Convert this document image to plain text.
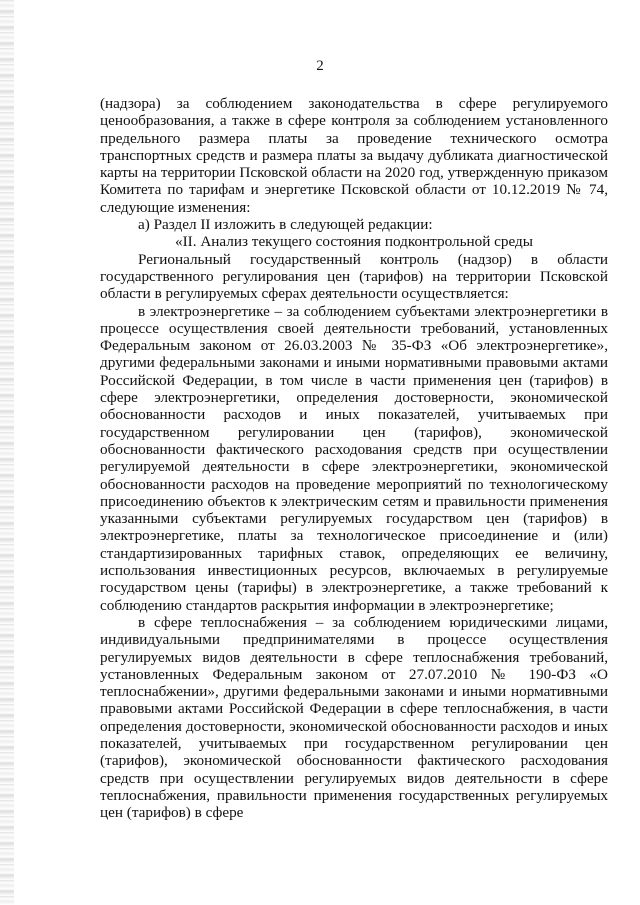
2

(надзора) за соблюдением законодательства в сфере регулируемого ценообразования, а также в сфере контроля за соблюдением установленного предельного размера платы за проведение технического осмотра транспортных средств и размера платы за выдачу дубликата диагностической карты на территории Псковской области на 2020 год, утвержденную приказом Комитета по тарифам и энергетике Псковской области от 10.12.2019 № 74, следующие изменения:

а) Раздел II изложить в следующей редакции:

«II. Анализ текущего состояния подконтрольной среды

Региональный государственный контроль (надзор) в области государственного регулирования цен (тарифов) на территории Псковской области в регулируемых сферах деятельности осуществляется:

в электроэнергетике – за соблюдением субъектами электроэнергетики в процессе осуществления своей деятельности требований, установленных Федеральным законом от 26.03.2003 № 35-ФЗ «Об электроэнергетике», другими федеральными законами и иными нормативными правовыми актами Российской Федерации, в том числе в части применения цен (тарифов) в сфере электроэнергетики, определения достоверности, экономической обоснованности расходов и иных показателей, учитываемых при государственном регулировании цен (тарифов), экономической обоснованности фактического расходования средств при осуществлении регулируемой деятельности в сфере электроэнергетики, экономической обоснованности расходов на проведение мероприятий по технологическому присоединению объектов к электрическим сетям и правильности применения указанными субъектами регулируемых государством цен (тарифов) в электроэнергетике, платы за технологическое присоединение и (или) стандартизированных тарифных ставок, определяющих ее величину, использования инвестиционных ресурсов, включаемых в регулируемые государством цены (тарифы) в электроэнергетике, а также требований к соблюдению стандартов раскрытия информации в электроэнергетике;

в сфере теплоснабжения – за соблюдением юридическими лицами, индивидуальными предпринимателями в процессе осуществления регулируемых видов деятельности в сфере теплоснабжения требований, установленных Федеральным законом от 27.07.2010 № 190-ФЗ «О теплоснабжении», другими федеральными законами и иными нормативными правовыми актами Российской Федерации в сфере теплоснабжения, в части определения достоверности, экономической обоснованности расходов и иных показателей, учитываемых при государственном регулировании цен (тарифов), экономической обоснованности фактического расходования средств при осуществлении регулируемых видов деятельности в сфере теплоснабжения, правильности применения государственных регулируемых цен (тарифов) в сфере
